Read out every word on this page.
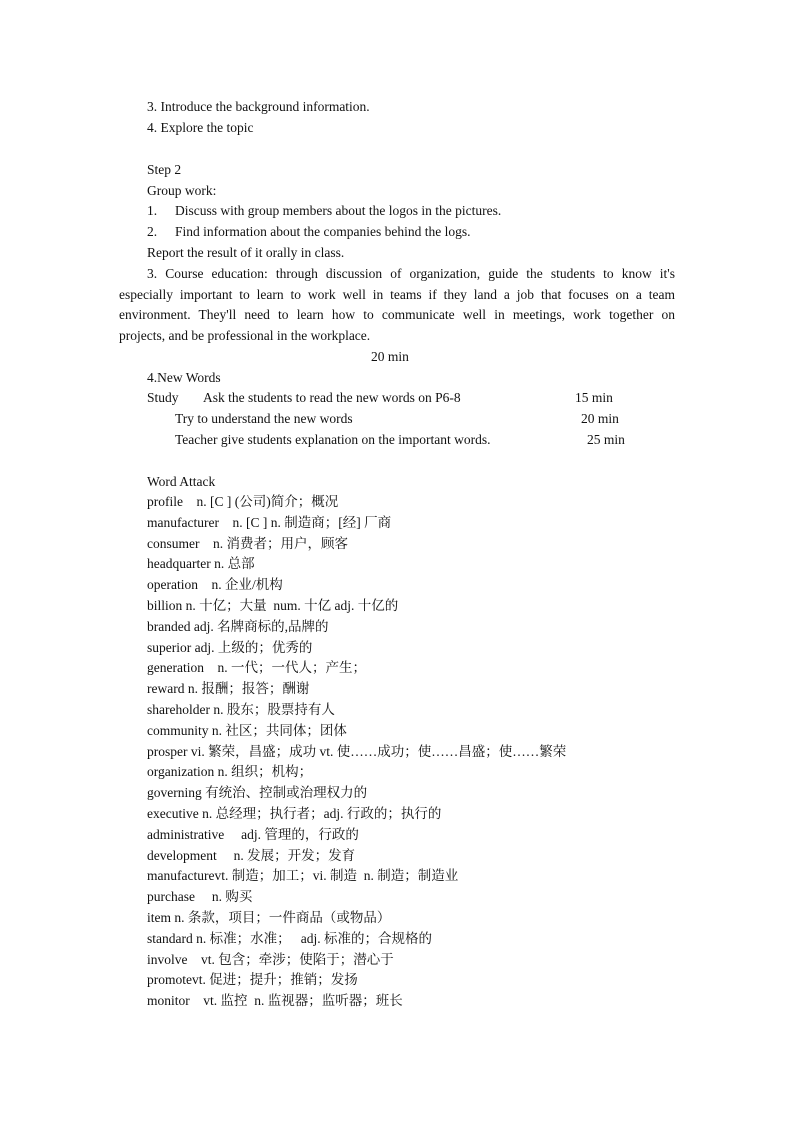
3. Introduce the background information.
4. Explore the topic
Step 2
Group work:
1. Discuss with group members about the logos in the pictures.
2. Find information about the companies behind the logs.
Report the result of it orally in class.
3. Course education: through discussion of organization, guide the students to know it's
especially important to learn to work well in teams if they land a job that focuses on a team
environment. They'll need to learn how to communicate well in meetings, work together on
projects, and be professional in the workplace.
20 min
4.New Words
Study Ask the students to read the new words on P6-8	15 min
Try to understand the new words	20 min
Teacher give students explanation on the important words.	25 min
Word Attack
profile    n. [C ] (公司)简介；概况
manufacturer    n. [C ] n. 制造商；[经] 厂商
consumer    n. 消费者；用户，顾客
headquarter n. 总部
operation    n. 企业/机构
billion n. 十亿；大量  num. 十亿 adj. 十亿的
branded adj. 名牌商标的,品牌的
superior adj. 上级的；优秀的
generation    n. 一代；一代人；产生；
reward n. 报酬；报答；酬谢
shareholder n. 股东；股票持有人
community n. 社区；共同体；团体
prosper vi. 繁荣，昌盛；成功 vt. 使……成功；使……昌盛；使……繁荣
organization n. 组织；机构；
governing 有统治、控制或治理权力的
executive n. 总经理；执行者；adj. 行政的；执行的
administrative     adj. 管理的，行政的
development     n. 发展；开发；发育
manufacturevt. 制造；加工；vi. 制造  n. 制造；制造业
purchase     n. 购买
item n. 条款，项目；一件商品（或物品）
standard n. 标准；水准；   adj. 标准的；合规格的
involve    vt. 包含；牵涉；使陷于；潜心于
promotevt. 促进；提升；推销；发扬
monitor    vt. 监控  n. 监视器；监听器；班长
